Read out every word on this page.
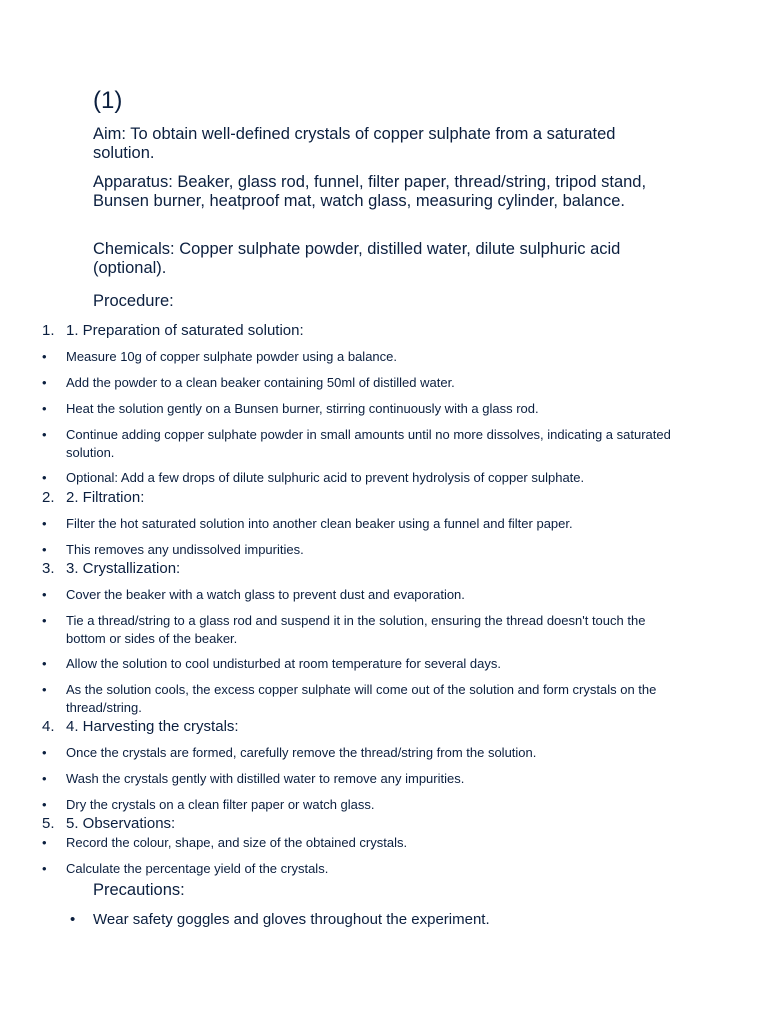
(1)
Aim: To obtain well-defined crystals of copper sulphate from a saturated solution.
Apparatus: Beaker, glass rod, funnel, filter paper, thread/string, tripod stand, Bunsen burner, heatproof mat, watch glass, measuring cylinder, balance.
Chemicals: Copper sulphate powder, distilled water, dilute sulphuric acid (optional).
Procedure:
1. 1. Preparation of saturated solution:
• Measure 10g of copper sulphate powder using a balance.
• Add the powder to a clean beaker containing 50ml of distilled water.
• Heat the solution gently on a Bunsen burner, stirring continuously with a glass rod.
• Continue adding copper sulphate powder in small amounts until no more dissolves, indicating a saturated solution.
• Optional: Add a few drops of dilute sulphuric acid to prevent hydrolysis of copper sulphate.
2. 2. Filtration:
• Filter the hot saturated solution into another clean beaker using a funnel and filter paper.
• This removes any undissolved impurities.
3. 3. Crystallization:
• Cover the beaker with a watch glass to prevent dust and evaporation.
• Tie a thread/string to a glass rod and suspend it in the solution, ensuring the thread doesn't touch the bottom or sides of the beaker.
• Allow the solution to cool undisturbed at room temperature for several days.
• As the solution cools, the excess copper sulphate will come out of the solution and form crystals on the thread/string.
4. 4. Harvesting the crystals:
• Once the crystals are formed, carefully remove the thread/string from the solution.
• Wash the crystals gently with distilled water to remove any impurities.
• Dry the crystals on a clean filter paper or watch glass.
5. 5. Observations:
• Record the colour, shape, and size of the obtained crystals.
• Calculate the percentage yield of the crystals.
Precautions:
• Wear safety goggles and gloves throughout the experiment.
